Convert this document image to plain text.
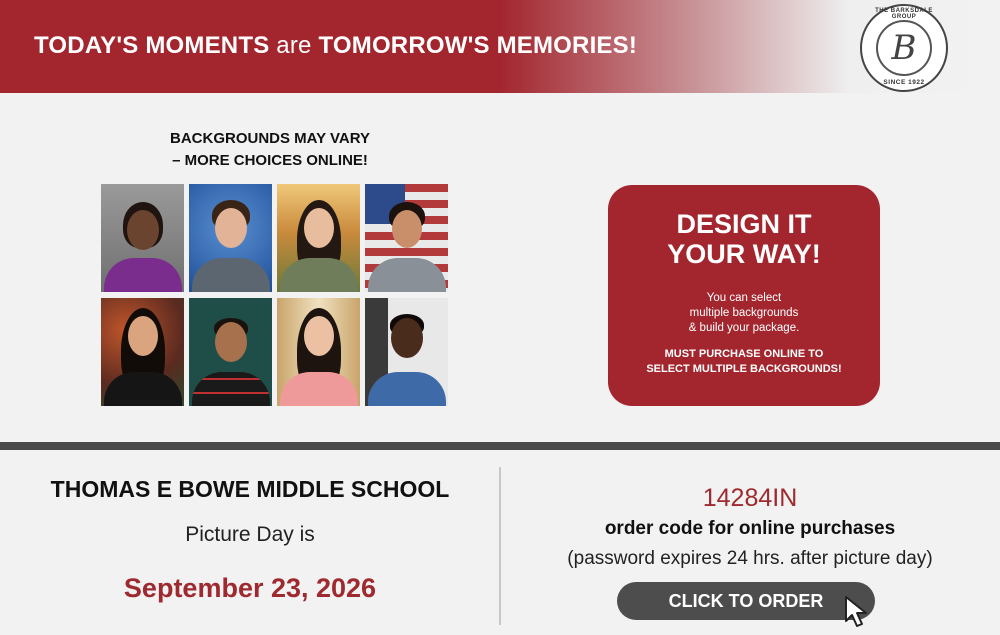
TODAY'S MOMENTS are TOMORROW'S MEMORIES!
THE BARKSDALE GROUP
B
SINCE 1922
BACKGROUNDS MAY VARY
– MORE CHOICES ONLINE!
DESIGN IT
YOUR WAY!
You can select
multiple backgrounds
& build your package.
MUST PURCHASE ONLINE TO
SELECT MULTIPLE BACKGROUNDS!
THOMAS E BOWE MIDDLE SCHOOL
Picture Day is
September 23, 2026
14284IN
order code for online purchases
(password expires 24 hrs. after picture day)
CLICK TO ORDER
